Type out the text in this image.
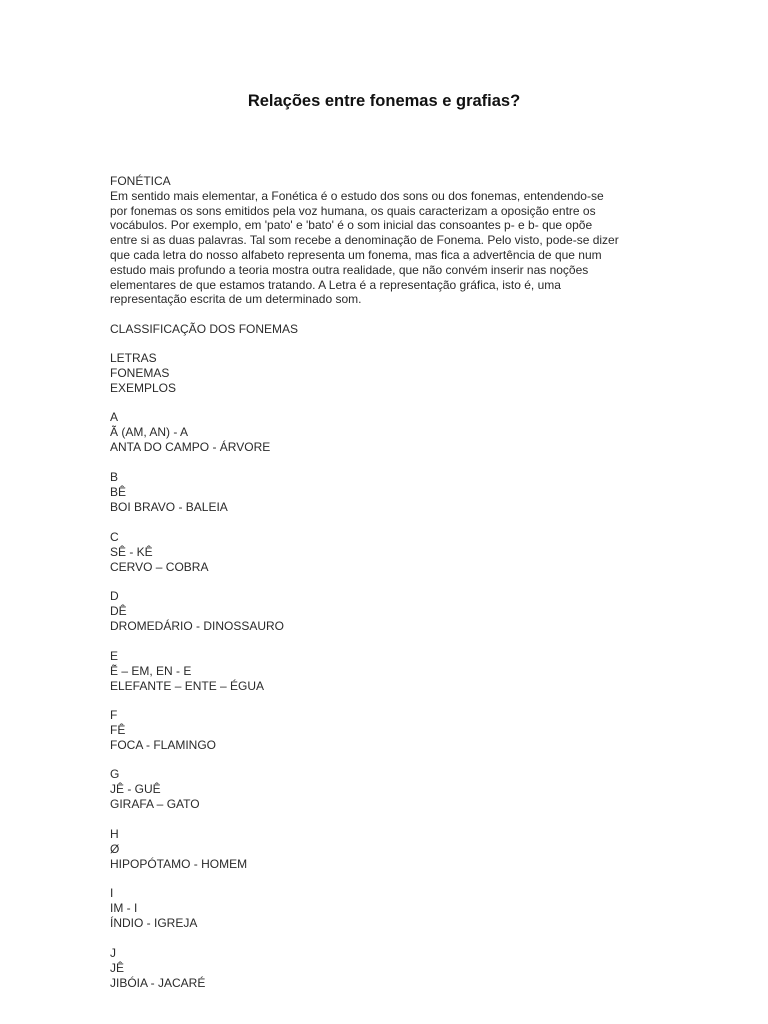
Relações entre fonemas e grafias?
FONÉTICA
Em sentido mais elementar, a Fonética é o estudo dos sons ou dos fonemas, entendendo-se
por fonemas os sons emitidos pela voz humana, os quais caracterizam a oposição entre os
vocábulos. Por exemplo, em 'pato' e 'bato' é o som inicial das consoantes p- e b- que opõe
entre si as duas palavras. Tal som recebe a denominação de Fonema. Pelo visto, pode-se dizer
que cada letra do nosso alfabeto representa um fonema, mas fica a advertência de que num
estudo mais profundo a teoria mostra outra realidade, que não convém inserir nas noções
elementares de que estamos tratando. A Letra é a representação gráfica, isto é, uma
representação escrita de um determinado som.
CLASSIFICAÇÃO DOS FONEMAS
LETRAS
FONEMAS
EXEMPLOS
A
Ã (AM, AN) - A
ANTA DO CAMPO - ÁRVORE
B
BÊ
BOI BRAVO - BALEIA
C
SÊ - KÊ
CERVO – COBRA
D
DÊ
DROMEDÁRIO - DINOSSAURO
E
Ẽ – EM, EN - E
ELEFANTE – ENTE – ÉGUA
F
FÊ
FOCA - FLAMINGO
G
JÊ - GUÊ
GIRAFA – GATO
H
Ø
HIPOPÓTAMO - HOMEM
I
IM - I
ÍNDIO - IGREJA
J
JÊ
JIBÓIA - JACARÉ
